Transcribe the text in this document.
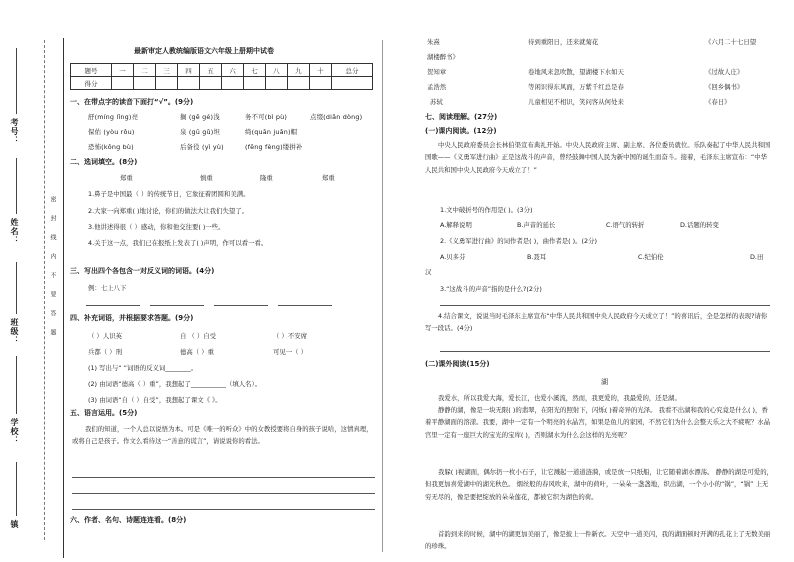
考号：
姓名：
班级：
学校：
镇
密封线内不要答题
最新审定人教统编版语文六年级上册期中试卷
题号	一	二	三	四	五	六	七	八	九	十	总分
得分											
一、在带点字的读音下面打“√”。(9分)
舒(míng lǐng)亮	搁 (gē gé)浅	务不可(bì pù)	点缀(diǎn dòng)
保佑 (yòu rǒu)	泉 (gū gǔ)坦	绮(quān juǎn)帽
恐怖(kǒng bù)	后备役 (yì yù)	(fěng fèng)缕拼补
二、选词填空。(8分)
郑重	慎重	隆重	郑重
1.鼻子是中国最（ ）的传统节日，它象征着团圆和美满。
2.大家一向郑重( )地讨论，你们的做法大让我们失望了。
3.他讲述得很（ ）感动，你和他交往要( )一些。
4.关于这一点，我们已在报纸上发表了( )声明，作可以看一看。
三、写出四个各包含一对反义词的词语。(4分)
例：七上八下
四、补充词语，并根据要求答题。(9分)
（ ）人识英	自 （ ）自受	（ ）不安席
兵都（ ）刑	德高（ ）重	可见一（ ）
(1) 写出与“ ”词语的反义词________。
(2) 由词语“德高（ ）重”，我想起了___________（填人名）。
(3) 由词语“自（ ）自受”，我想起了课文《 》。
五、语言运用。(5分)
我们的知道，一个人总以说悟为本。可是《唯一的听众》中的女教授要将自身的孩子说哈，这情真理，或将自己是孩子。作文么看待这一“善意的谎言”，请说说你的看法。
六、作者、名句、诗题连连看。(8分)
朱熹	待到重阳日，还来就菊花	《六月二十七日望
湖楼醉书》
贺知章	卷地风来忽吹散，望湖楼下水如天	《过故人庄》
孟浩然	等闲识得东风面，万紫千红总是春	《回乡偶书》
苏轼	儿童相见不相识，笑问客从何处来	《春日》
七、阅读理解。(27分)
(一)课内阅读。(12分)
中央人民政府委员会长林伯渠宣布典礼开始。中央人民政府主席、副主席、各位委员就位。乐队奏起了中华人民共和国国歌——《义勇军进行曲》正是这战斗的声音，曾经鼓舞中国人民为新中国的诞生而奋斗。接着，毛泽东主席宣布：“中华人民共和国中央人民政府今天成立了！”
1.文中破折号的作用是( )。(3分)
A.解释说明	B.声音的延长	C.语气的转折	D.话题的转变
2.《义勇军进行曲》的词作者是( )，曲作者是( )。(2分)
A.贝多芬	B.聂耳	C.纪伯伦	D.田
汉
3.“这战斗的声音”指的是什么?(2分)
4.结合课文，说说当时毛泽东主席宣布“中华人民共和国中央人民政府今天成立了！”的喜讯后，全是怎样的表现?请你写一段话。(4分)
(二)课外阅读(15分)
湖
我爱水，所以我爱大海，爱长江，也爱小溪流，然而，我更爱的，我最爱的，还是湖。
静静的湖，像是一块无限( )的翡翠，在阳光的照射下，闪烁( )着奇异的光泽。 我看不出湖和我的心究竟是什么( )，香着平静湖面的溶漾。我要，湖中一定有一个明亮的水晶宫，如果是鱼儿的家园，不然它们为什么会整天乐之大不疲呢？水晶宫里一定有一座巨大的宝光的宝库( )，否则湖水为什么会这样的光亮呢？
我躲( )视湖面，偶尔扔一枚小石子，让它溅起一道道涟漪，或是放一只纸船，让它随着湖水漂荡。 静静的湖是可爱的，但我更加喜爱湖中的湖光秋色。 烟丝般的春风吹来，湖中的荷叶，一朵朵一盏盏地，织出湖，一个小小的“锅”，“锅” 上无穷无尽的，像是要把绽放的朵朵莲花，都被它织为湖色的荷。
首韵到来的时候，湖中的湖更加美丽了，像是披上一件新衣。天空中一道美闪，我的湖面顿时开满的孔花上了无数美丽的珍珠。
